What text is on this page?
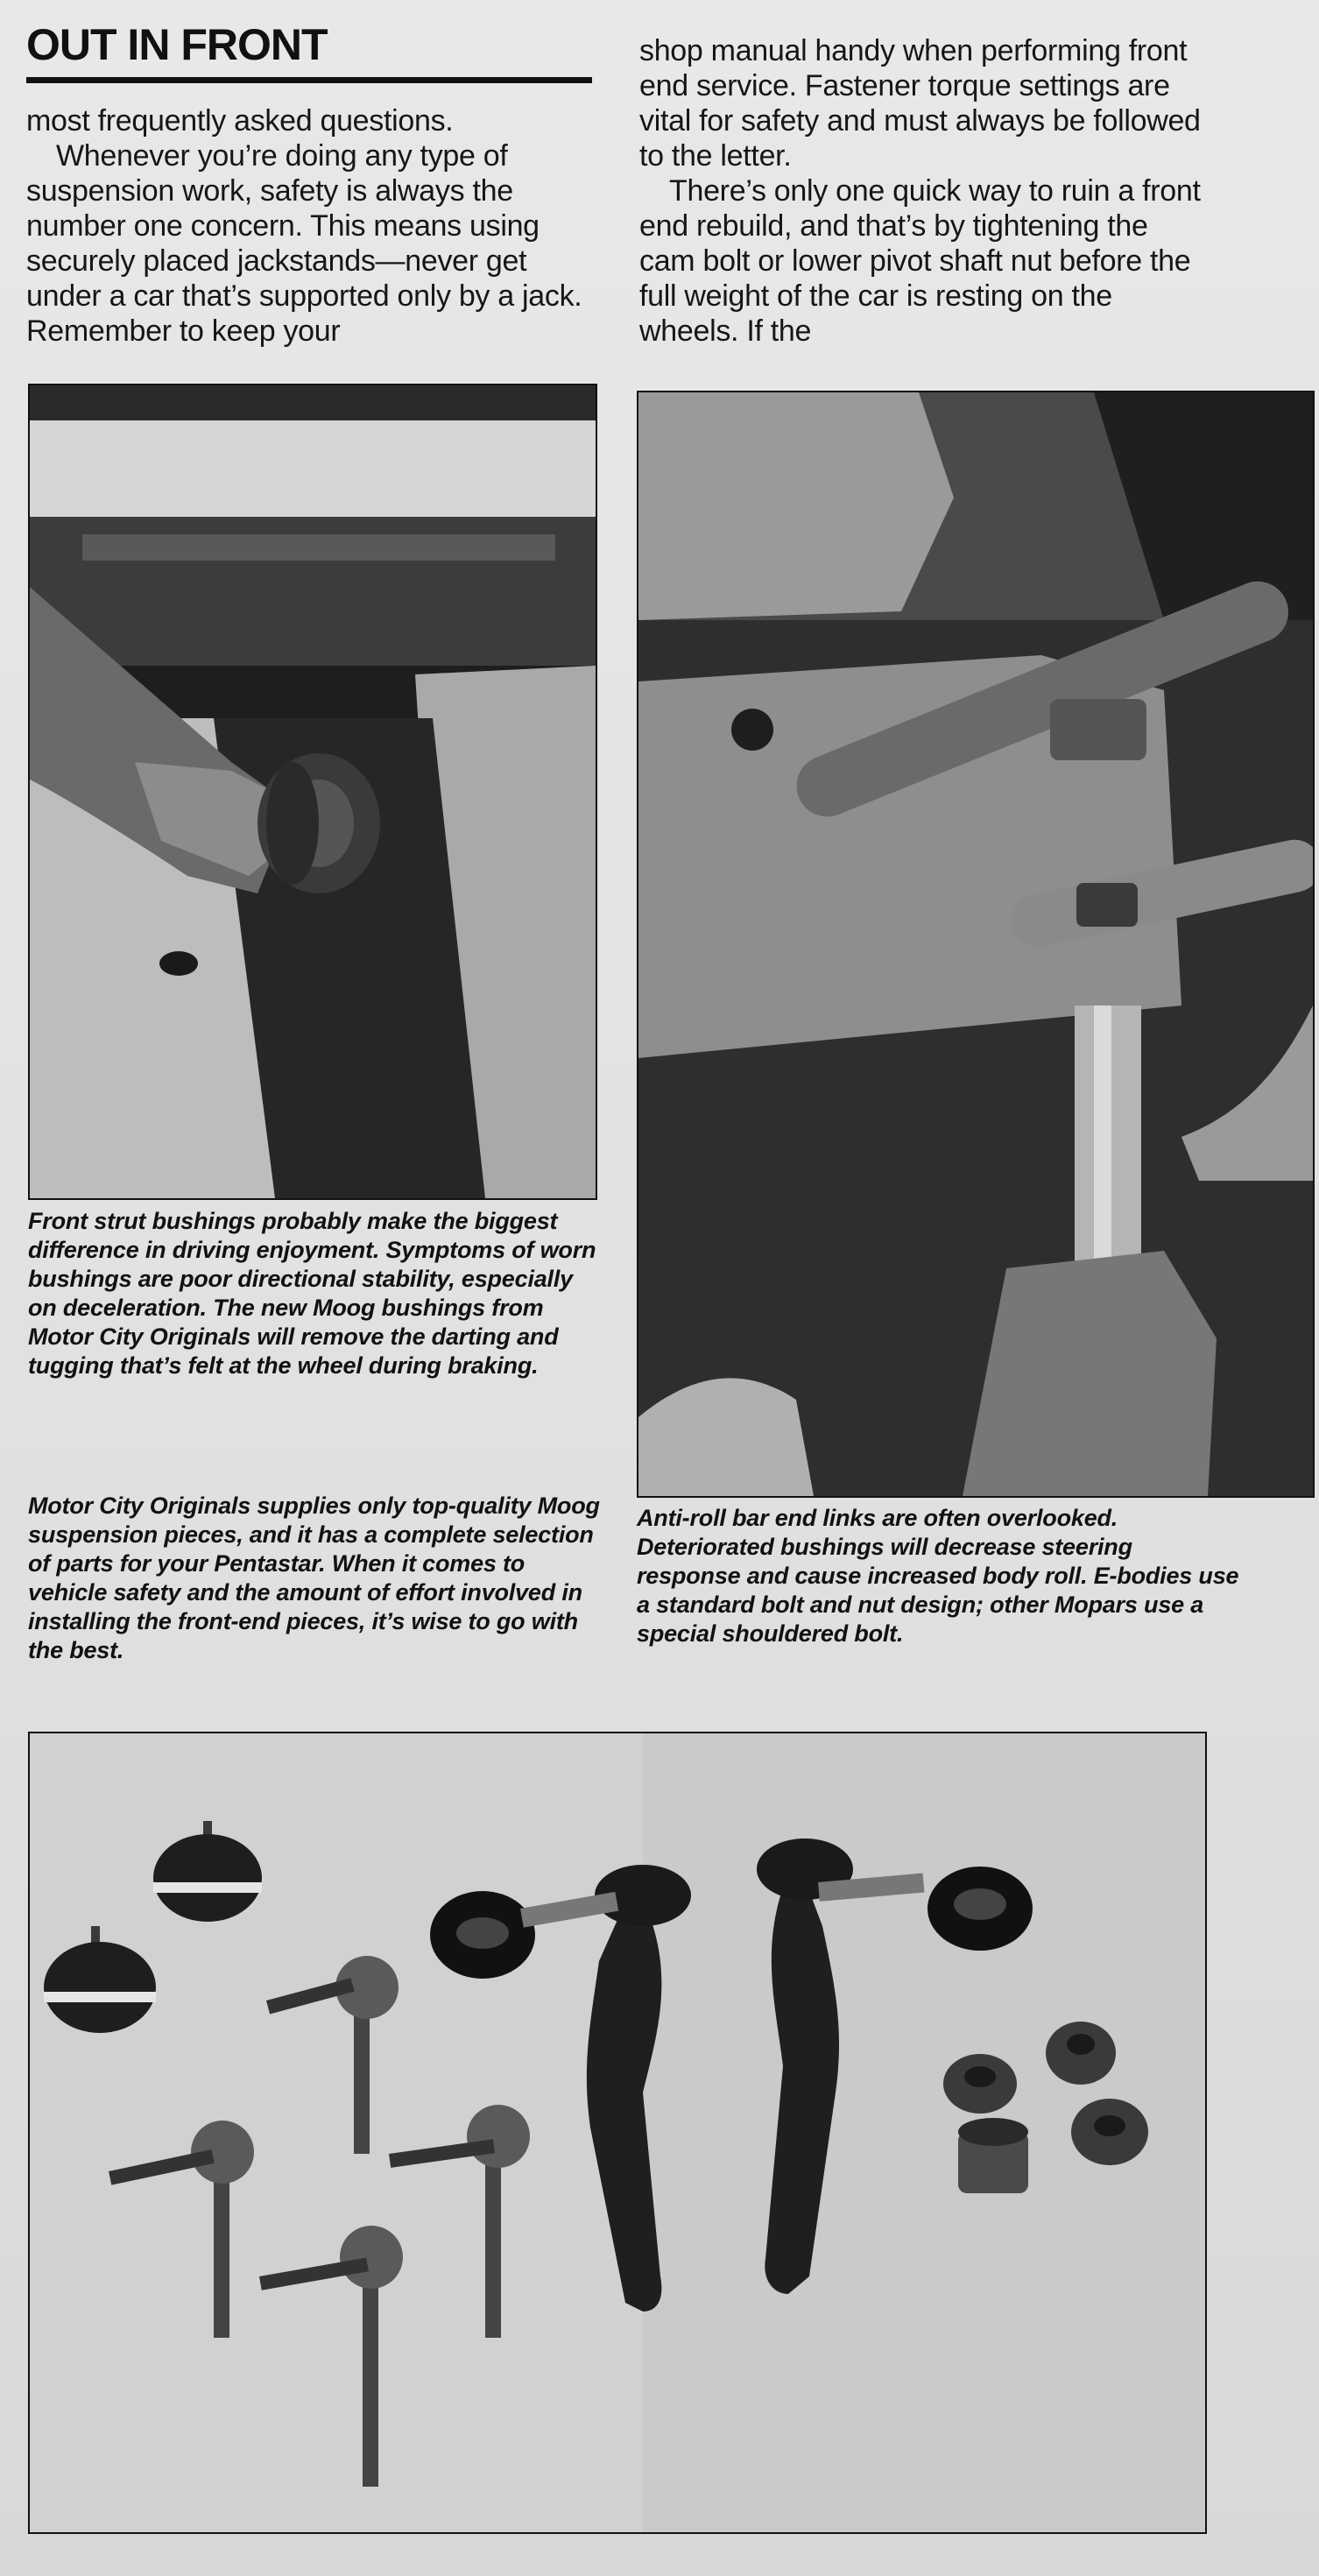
OUT IN FRONT

most frequently asked questions.

Whenever you’re doing any type of suspension work, safety is always the number one concern. This means using securely placed jackstands—never get under a car that’s supported only by a jack. Remember to keep your

shop manual handy when performing front end service. Fastener torque settings are vital for safety and must always be followed to the letter.

There’s only one quick way to ruin a front end rebuild, and that’s by tightening the cam bolt or lower pivot shaft nut before the full weight of the car is resting on the wheels. If the

Front strut bushings probably make the biggest difference in driving enjoyment. Symptoms of worn bushings are poor directional stability, especially on deceleration. The new Moog bushings from Motor City Originals will remove the darting and tugging that’s felt at the wheel during braking.

Motor City Originals supplies only top-quality Moog suspension pieces, and it has a complete selection of parts for your Pentastar. When it comes to vehicle safety and the amount of effort involved in installing the front-end pieces, it’s wise to go with the best.

Anti-roll bar end links are often overlooked. Deteriorated bushings will decrease steering response and cause increased body roll. E-bodies use a standard bolt and nut design; other Mopars use a special shouldered bolt.
